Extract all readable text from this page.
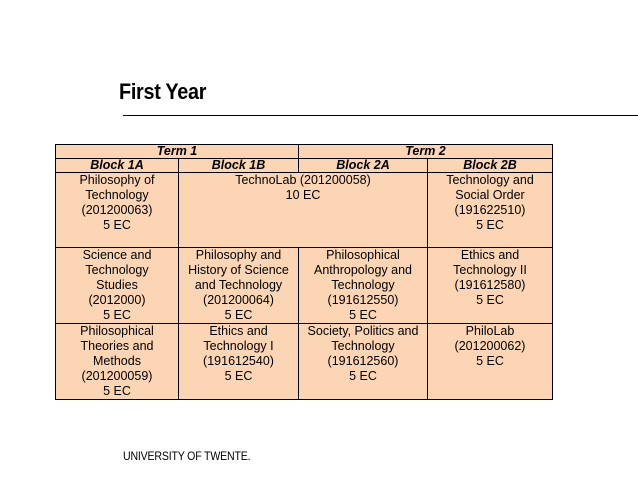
First Year
Term 1		Term 2	
Block 1A	Block 1B	Block 2A	Block 2B

Philosophy of
Technology
(201200063)
5 EC	TechnoLab (201200058)
10 EC		Technology and
Social Order
(191622510)
5 EC

Science and
Technology
Studies
(2012000)
5 EC	Philosophy and
History of Science
and Technology
(201200064)
5 EC	Philosophical
Anthropology and
Technology
(191612550)
5 EC	Ethics and
Technology II
(191612580)
5 EC

Philosophical
Theories and
Methods
(201200059)
5 EC	Ethics and
Technology I
(191612540)
5 EC	Society, Politics and
Technology
(191612560)
5 EC	PhiloLab
(201200062)
5 EC
UNIVERSITY OF TWENTE.
